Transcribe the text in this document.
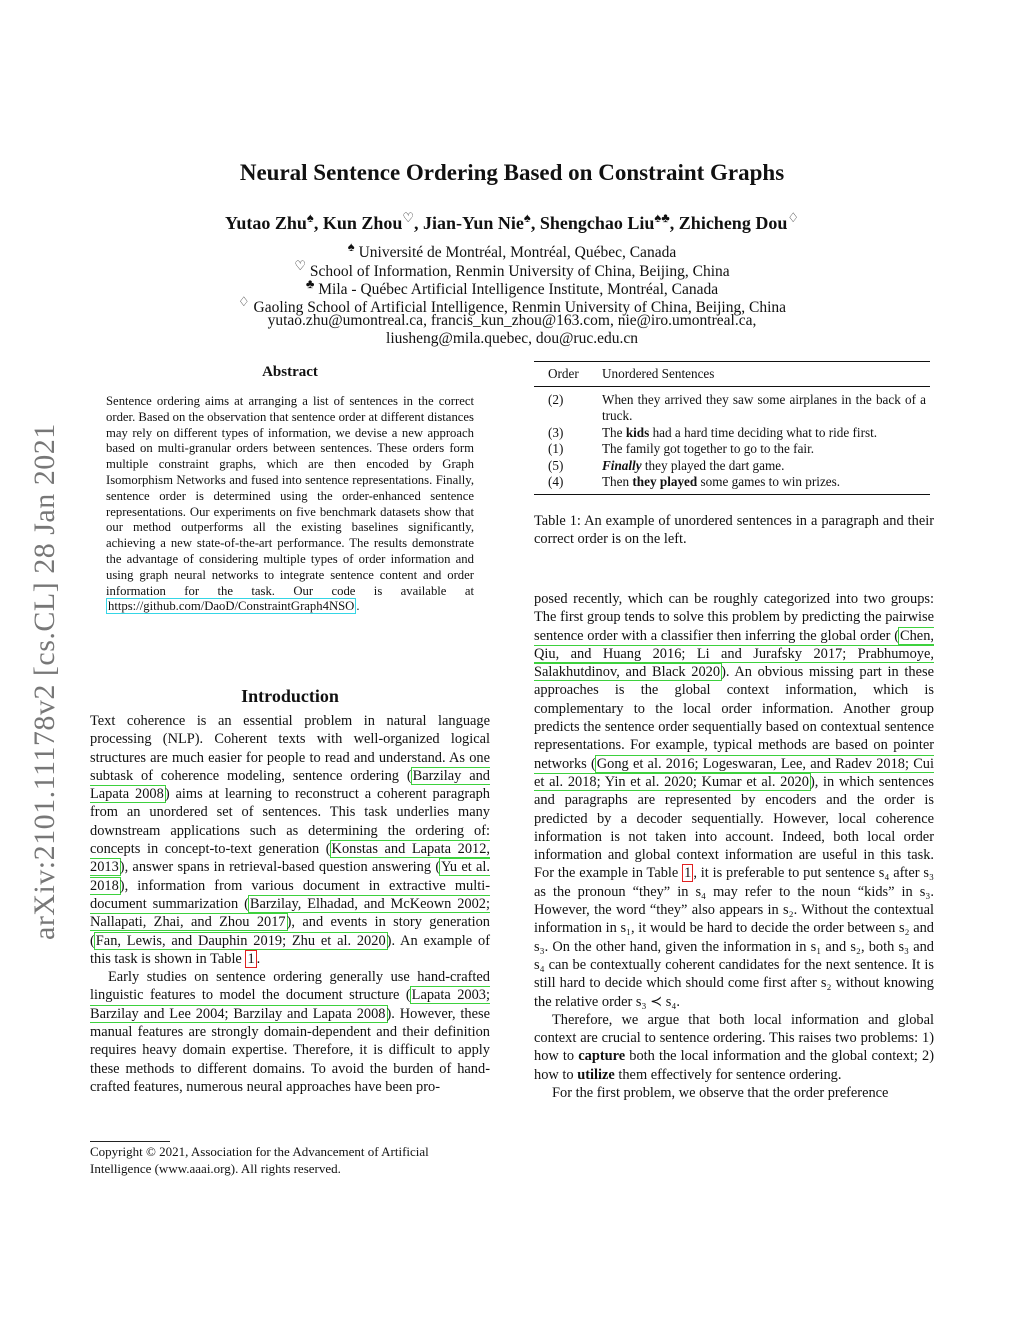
arXiv:2101.11178v2 [cs.CL] 28 Jan 2021
Neural Sentence Ordering Based on Constraint Graphs
Yutao Zhu♠, Kun Zhou♡, Jian-Yun Nie♠, Shengchao Liu♠♣, Zhicheng Dou♢
♠ Université de Montréal, Montréal, Québec, Canada
♡ School of Information, Renmin University of China, Beijing, China
♣ Mila - Québec Artificial Intelligence Institute, Montréal, Canada
♢ Gaoling School of Artificial Intelligence, Renmin University of China, Beijing, China
yutao.zhu@umontreal.ca, francis_kun_zhou@163.com, nie@iro.umontreal.ca,
liusheng@mila.quebec, dou@ruc.edu.cn
Abstract
Sentence ordering aims at arranging a list of sentences in the correct order. Based on the observation that sentence order at different distances may rely on different types of information, we devise a new approach based on multi-granular orders between sentences. These orders form multiple constraint graphs, which are then encoded by Graph Isomorphism Networks and fused into sentence representations. Finally, sentence order is determined using the order-enhanced sentence representations. Our experiments on five benchmark datasets show that our method outperforms all the existing baselines significantly, achieving a new state-of-the-art performance. The results demonstrate the advantage of considering multiple types of order information and using graph neural networks to integrate sentence content and order information for the task. Our code is available at https://github.com/DaoD/ConstraintGraph4NSO .
Introduction

Text coherence is an essential problem in natural language processing (NLP). Coherent texts with well-organized logical structures are much easier for people to read and understand. As one subtask of coherence modeling, sentence ordering (Barzilay and Lapata 2008) aims at learning to reconstruct a coherent paragraph from an unordered set of sentences. This task underlies many downstream applications such as determining the ordering of: concepts in concept-to-text generation (Konstas and Lapata 2012, 2013), answer spans in retrieval-based question answering (Yu et al. 2018), information from various document in extractive multi-document summarization (Barzilay, Elhadad, and McKeown 2002; Nallapati, Zhai, and Zhou 2017), and events in story generation (Fan, Lewis, and Dauphin 2019; Zhu et al. 2020). An example of this task is shown in Table 1 .

Early studies on sentence ordering generally use hand-crafted linguistic features to model the document structure (Lapata 2003; Barzilay and Lee 2004; Barzilay and Lapata 2008). However, these manual features are strongly domain-dependent and their definition requires heavy domain expertise. Therefore, it is difficult to apply these methods to different domains. To avoid the burden of hand-crafted features, numerous neural approaches have been pro-

Copyright © 2021, Association for the Advancement of Artificial Intelligence (www.aaai.org). All rights reserved.
Order	Unordered Sentences

(2)	When they arrived they saw some airplanes in the back of a truck.
(3)	The kids had a hard time deciding what to ride first.
(1)	The family got together to go to the fair.
(5)	Finally they played the dart game.
(4)	Then they played some games to win prizes.
Table 1: An example of unordered sentences in a paragraph and their correct order is on the left.

posed recently, which can be roughly categorized into two groups: The first group tends to solve this problem by predicting the pairwise sentence order with a classifier then inferring the global order (Chen, Qiu, and Huang 2016; Li and Jurafsky 2017; Prabhumoye, Salakhutdinov, and Black 2020). An obvious missing part in these approaches is the global context information, which is complementary to the local order information. Another group predicts the sentence order sequentially based on contextual sentence representations. For example, typical methods are based on pointer networks (Gong et al. 2016; Logeswaran, Lee, and Radev 2018; Cui et al. 2018; Yin et al. 2020; Kumar et al. 2020), in which sentences and paragraphs are represented by encoders and the order is predicted by a decoder sequentially. However, local coherence information is not taken into account. Indeed, both local order information and global context information are useful in this task. For the example in Table 1 , it is preferable to put sentence s₄ after s₃ as the pronoun “they” in s₄ may refer to the noun “kids” in s₃. However, the word “they” also appears in s₂. Without the contextual information in s₁, it would be hard to decide the order between s₂ and s₃. On the other hand, given the information in s₁ and s₂, both s₃ and s₄ can be contextually coherent candidates for the next sentence. It is still hard to decide which should come first after s₂ without knowing the relative order s₃ ≺ s₄.

Therefore, we argue that both local information and global context are crucial to sentence ordering. This raises two problems: 1) how to capture both the local information and the global context; 2) how to utilize them effectively for sentence ordering.

For the first problem, we observe that the order preference
